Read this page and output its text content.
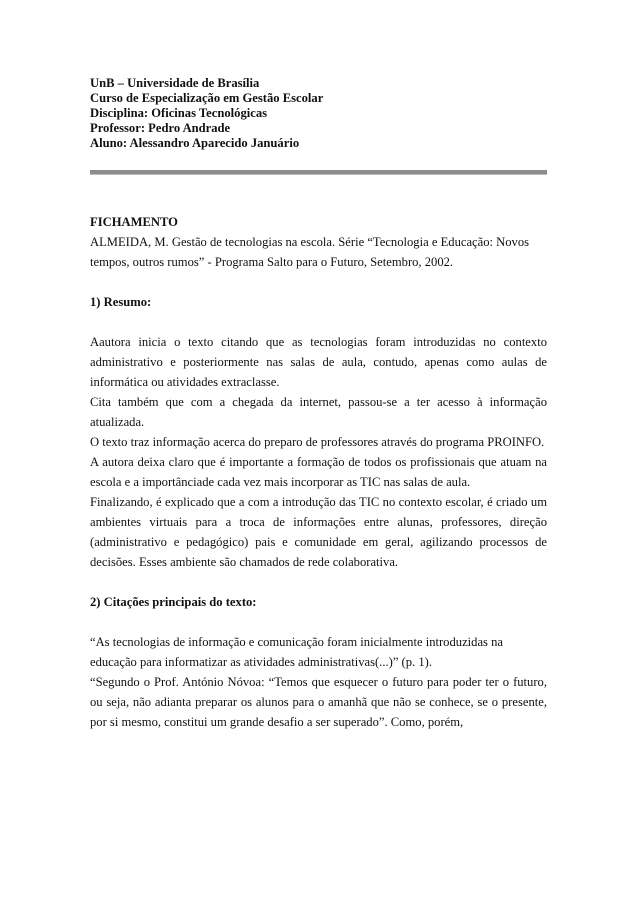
UnB – Universidade de Brasília
Curso de Especialização em Gestão Escolar
Disciplina: Oficinas Tecnológicas
Professor: Pedro Andrade
Aluno: Alessandro Aparecido Januário

FICHAMENTO

ALMEIDA, M. Gestão de tecnologias na escola. Série “Tecnologia e Educação: Novos

tempos, outros rumos” - Programa Salto para o Futuro, Setembro, 2002.

1) Resumo:

Aautora inicia o texto citando que as tecnologias foram introduzidas no contexto administrativo e posteriormente nas salas de aula, contudo, apenas como aulas de informática ou atividades extraclasse.

Cita também que com a chegada da internet, passou-se a ter acesso à informação atualizada.

O texto traz informação acerca do preparo de professores através do programa PROINFO.

A autora deixa claro que é importante a formação de todos os profissionais que atuam na escola e a importânciade cada vez mais incorporar as TIC nas salas de aula.

Finalizando, é explicado que a com a introdução das TIC no contexto escolar, é criado um ambientes virtuais para a troca de informações entre alunas, professores, direção (administrativo e pedagógico) pais e comunidade em geral, agilizando processos de decisões. Esses ambiente são chamados de rede colaborativa.

2) Citações principais do texto:

“As tecnologias de informação e comunicação foram inicialmente introduzidas na

educação para informatizar as atividades administrativas(...)” (p. 1).

“Segundo o Prof. António Nóvoa: “Temos que esquecer o futuro para poder ter o futuro, ou seja, não adianta preparar os alunos para o amanhã que não se conhece, se o presente, por si mesmo, constitui um grande desafio a ser superado”. Como, porém,
